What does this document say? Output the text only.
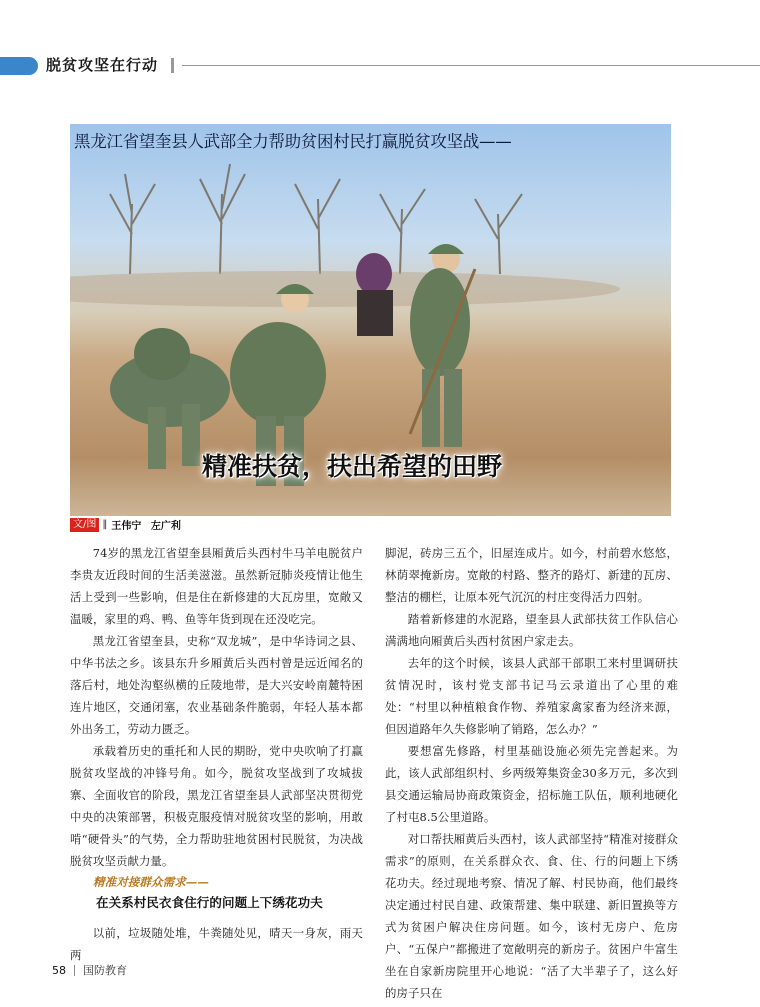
脱贫攻坚在行动
黑龙江省望奎县人武部全力帮助贫困村民打赢脱贫攻坚战——
精准扶贫，扶出希望的田野
文/图 ‖ 王伟宁 左广利

74岁的黑龙江省望奎县厢黄后头西村牛马羊电脱贫户李贵友近段时间的生活美滋滋。虽然新冠肺炎疫情让他生活上受到一些影响，但是住在新修建的大瓦房里，宽敞又温暖，家里的鸡、鸭、鱼等年货到现在还没吃完。

黑龙江省望奎县，史称“双龙城”，是中华诗词之县、中华书法之乡。该县东升乡厢黄后头西村曾是远近闻名的落后村，地处沟壑纵横的丘陵地带，是大兴安岭南麓特困连片地区，交通闭塞，农业基础条件脆弱，年轻人基本都外出务工，劳动力匮乏。

承载着历史的重托和人民的期盼，党中央吹响了打赢脱贫攻坚战的冲锋号角。如今，脱贫攻坚战到了攻城拔寨、全面收官的阶段，黑龙江省望奎县人武部坚决贯彻党中央的决策部署，积极克服疫情对脱贫攻坚的影响，用敢啃“硬骨头”的气势，全力帮助驻地贫困村民脱贫，为决战脱贫攻坚贡献力量。

精准对接群众需求——

在关系村民衣食住行的问题上下绣花功夫

以前，垃圾随处堆，牛粪随处见，晴天一身灰，雨天两

脚泥，砖房三五个，旧屋连成片。如今，村前碧水悠悠，林荫翠掩新房。宽敞的村路、整齐的路灯、新建的瓦房、整洁的棚栏，让原本死气沉沉的村庄变得活力四射。

踏着新修建的水泥路，望奎县人武部扶贫工作队信心满满地向厢黄后头西村贫困户家走去。

去年的这个时候，该县人武部干部职工来村里调研扶贫情况时，该村党支部书记马云录道出了心里的难处：“村里以种植粮食作物、养殖家禽家畜为经济来源，但因道路年久失修影响了销路，怎么办？”

要想富先修路，村里基础设施必须先完善起来。为此，该人武部组织村、乡两级筹集资金30多万元，多次到县交通运输局协商政策资金，招标施工队伍，顺利地硬化了村屯8.5公里道路。

对口帮扶厢黄后头西村，该人武部坚持“精准对接群众需求”的原则，在关系群众衣、食、住、行的问题上下绣花功夫。经过现地考察、情况了解、村民协商，他们最终决定通过村民自建、政策帮建、集中联建、新旧置换等方式为贫困户解决住房问题。如今，该村无房户、危房户、“五保户”都搬进了宽敞明亮的新房子。贫困户牛富生坐在自家新房院里开心地说：“活了大半辈子了，这么好的房子只在

58 国防教育
